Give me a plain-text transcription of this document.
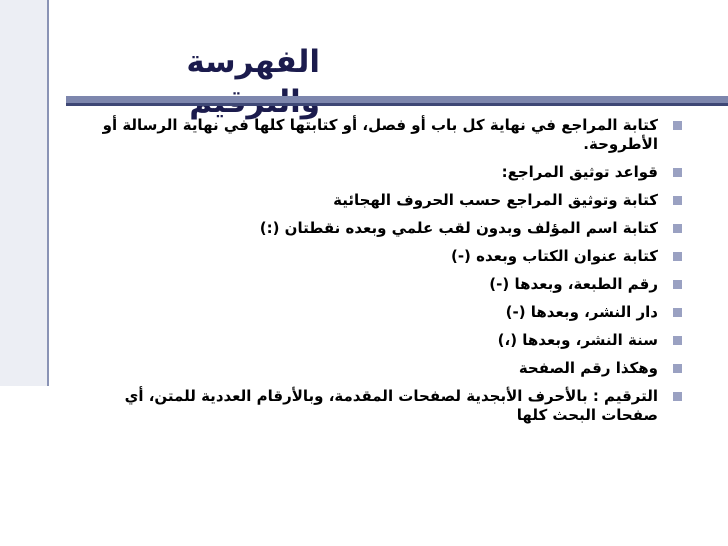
الفهرسة
كتابة المراجع في نهاية كل باب أو فصل، أو كتابتها كلها في نهاية الرسالة أو الأطروحة.
قواعد توثيق المراجع:
كتابة وتوثيق المراجع حسب الحروف الهجائية
كتابة اسم المؤلف وبدون لقب علمي وبعده نقطتان (:)
كتابة عنوان الكتاب وبعده (-)
رقم الطبعة، وبعدها (-)
دار النشر، وبعدها (-)
سنة النشر، وبعدها (،)
وهكذا رقم الصفحة
الترقيم : بالأحرف الأبجدية لصفحات المقدمة، وبالأرقام العددية للمتن، أي صفحات البحث كلها
